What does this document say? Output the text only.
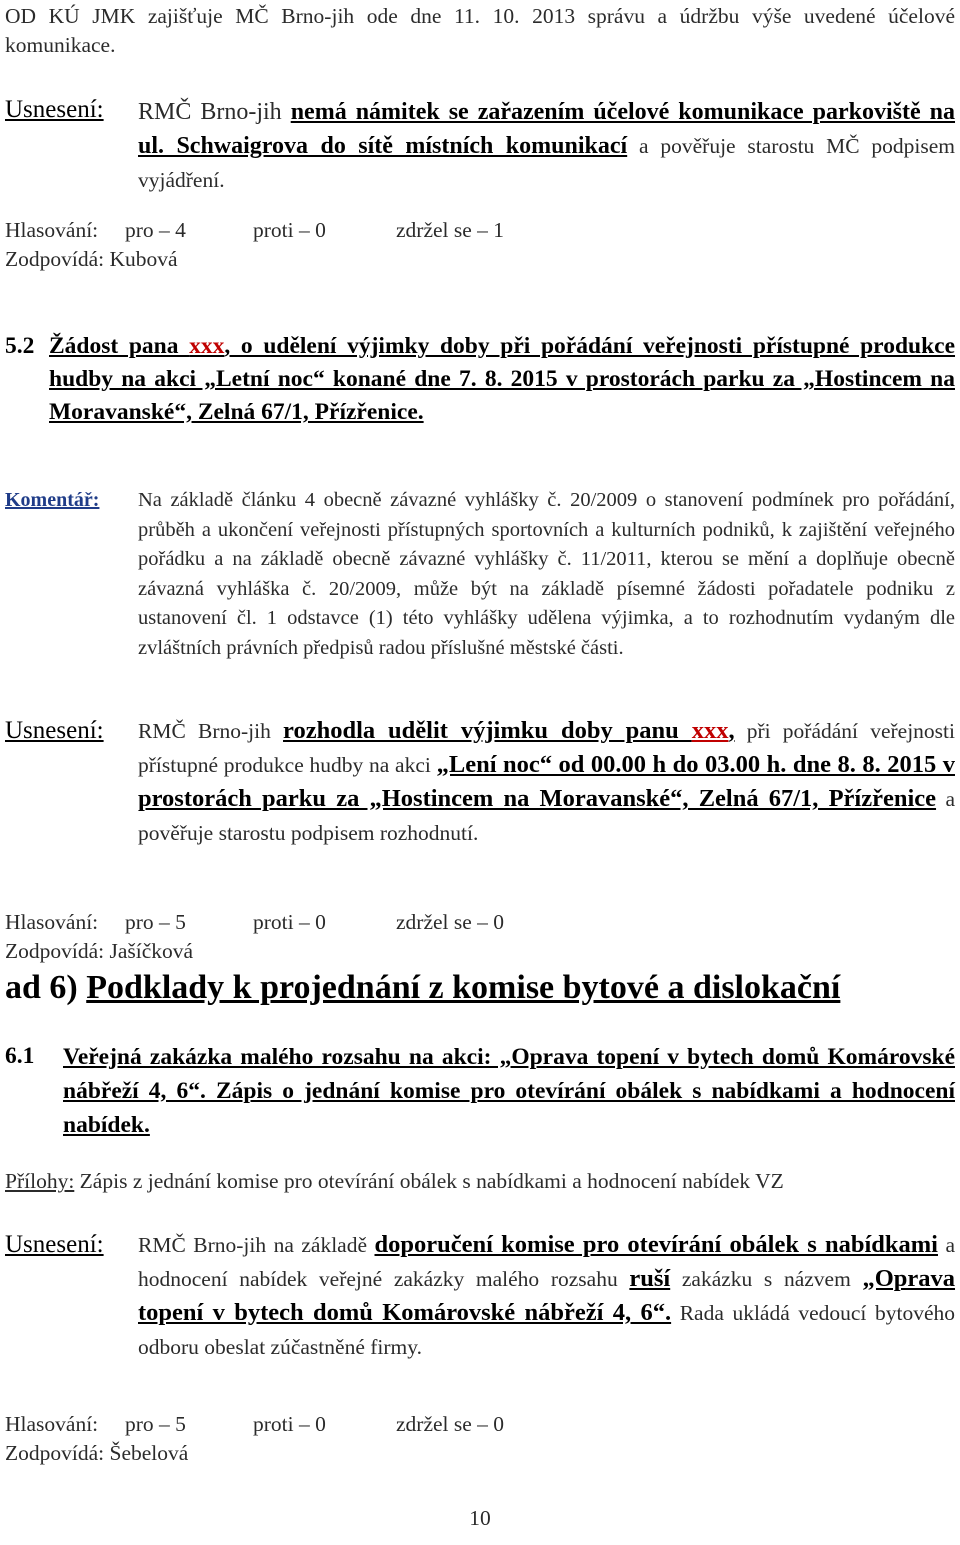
OD KÚ JMK zajišťuje MČ Brno-jih ode dne 11. 10. 2013 správu a údržbu výše uvedené účelové komunikace.
Usnesení: RMČ Brno-jih nemá námitek se zařazením účelové komunikace parkoviště na ul. Schwaigrova do sítě místních komunikací a pověřuje starostu MČ podpisem vyjádření.
Hlasování: pro – 4	proti – 0	zdržel se – 1
Zodpovídá: Kubová
5.2 Žádost pana xxx, o udělení výjimky doby při pořádání veřejnosti přístupné produkce hudby na akci „Letní noc“ konané dne 7. 8. 2015 v prostorách parku za „Hostincem na Moravanské“, Zelná 67/1, Přízřenice.
Komentář: Na základě článku 4 obecně závazné vyhlášky č. 20/2009 o stanovení podmínek pro pořádání, průběh a ukončení veřejnosti přístupných sportovních a kulturních podniků, k zajištění veřejného pořádku a na základě obecně závazné vyhlášky č. 11/2011, kterou se mění a doplňuje obecně závazná vyhláška č. 20/2009, může být na základě písemné žádosti pořadatele podniku z ustanovení čl. 1 odstavce (1) této vyhlášky udělena výjimka, a to rozhodnutím vydaným dle zvláštních právních předpisů radou příslušné městské části.
Usnesení: RMČ Brno-jih rozhodla udělit výjimku doby panu xxx, při pořádání veřejnosti přístupné produkce hudby na akci „Lení noc“ od 00.00 h do 03.00 h. dne 8. 8. 2015 v prostorách parku za „Hostincem na Moravanské“, Zelná 67/1, Přízřenice a pověřuje starostu podpisem rozhodnutí.
Hlasování: pro – 5	proti – 0	zdržel se – 0
Zodpovídá: Jašíčková
ad 6) Podklady k projednání z komise bytové a dislokační
6.1 Veřejná zakázka malého rozsahu na akci: „Oprava topení v bytech domů Komárovské nábřeží 4, 6“. Zápis o jednání komise pro otevírání obálek s nabídkami a hodnocení nabídek.
Přílohy: Zápis z jednání komise pro otevírání obálek s nabídkami a hodnocení nabídek VZ
Usnesení: RMČ Brno-jih na základě doporučení komise pro otevírání obálek s nabídkami a hodnocení nabídek veřejné zakázky malého rozsahu ruší zakázku s názvem „Oprava topení v bytech domů Komárovské nábřeží 4, 6“. Rada ukládá vedoucí bytového odboru obeslat zúčastněné firmy.
Hlasování: pro – 5	proti – 0	zdržel se – 0
Zodpovídá: Šebelová
10
